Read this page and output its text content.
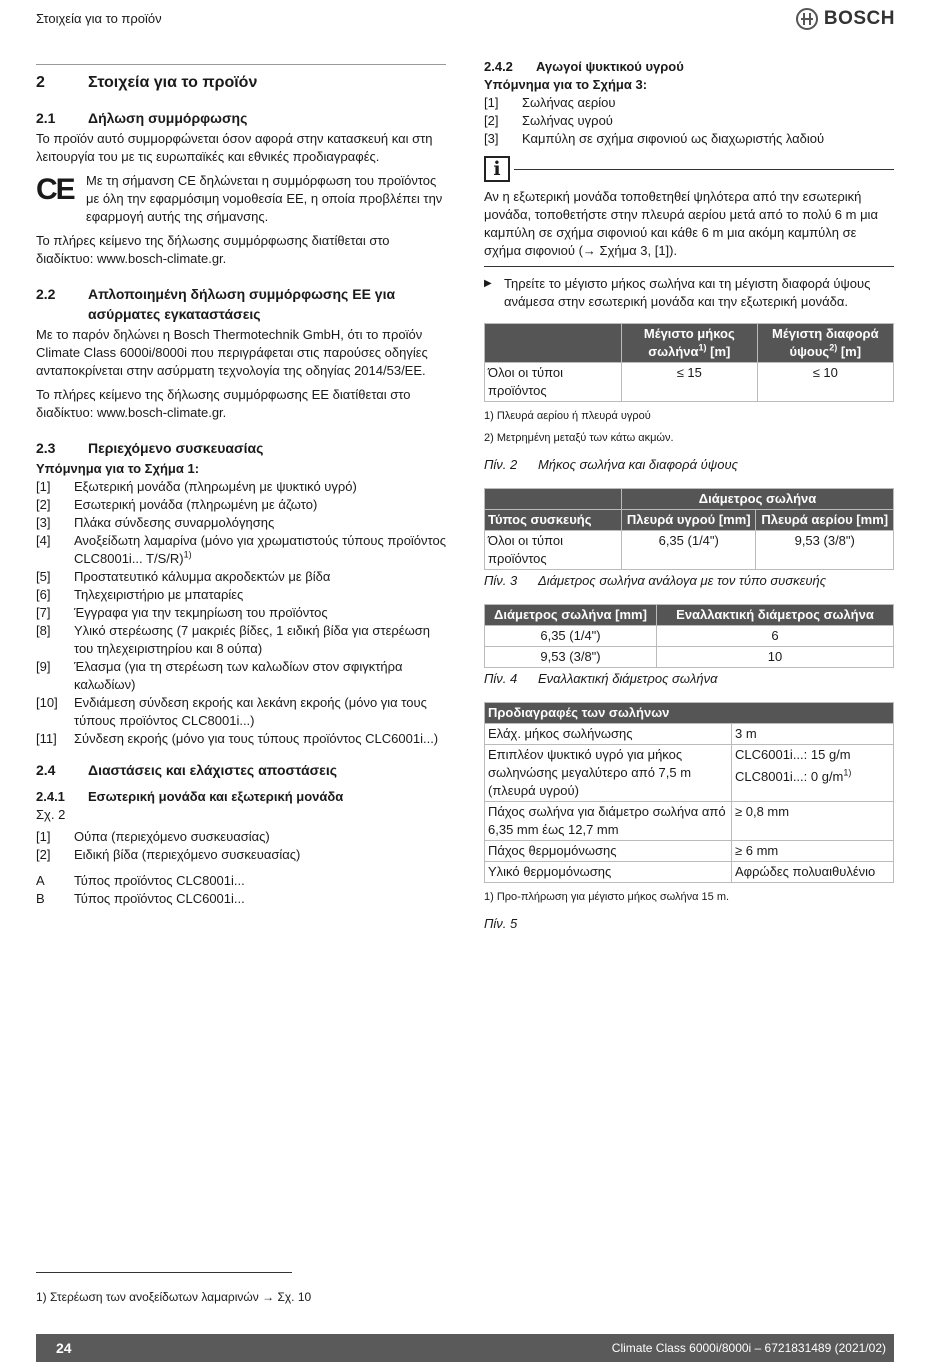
Στοιχεία για το προϊόν	BOSCH
2	Στοιχεία για το προϊόν
2.1 Δήλωση συμμόρφωσης

Το προϊόν αυτό συμμορφώνεται όσον αφορά στην κατασκευή και στη λειτουργία του με τις ευρωπαϊκές και εθνικές προδιαγραφές.

CE Με τη σήμανση CE δηλώνεται η συμμόρφωση του προϊόντος με όλη την εφαρμόσιμη νομοθεσία ΕΕ, η οποία προβλέπει την εφαρμογή αυτής της σήμανσης.

Το πλήρες κείμενο της δήλωσης συμμόρφωσης διατίθεται στο διαδίκτυο: www.bosch-climate.gr.

2.2	Απλοποιημένη δήλωση συμμόρφωσης ΕΕ για
ασύρματες εγκαταστάσεις

Με το παρόν δηλώνει η Bosch Thermotechnik GmbH, ότι το προϊόν Climate Class 6000i/8000i που περιγράφεται στις παρούσες οδηγίες ανταποκρίνεται στην ασύρματη τεχνολογία της οδηγίας 2014/53/ΕΕ.

Το πλήρες κείμενο της δήλωσης συμμόρφωσης ΕΕ διατίθεται στο διαδίκτυο: www.bosch-climate.gr.

2.3 Περιεχόμενο συσκευασίας
Υπόμνημα για το Σχήμα 1:
[1]	Εξωτερική μονάδα (πληρωμένη με ψυκτικό υγρό)
[2]	Εσωτερική μονάδα (πληρωμένη με άζωτο)
[3]	Πλάκα σύνδεσης συναρμολόγησης
[4]	Ανοξείδωτη λαμαρίνα (μόνο για χρωματιστούς τύπους προϊόντος CLC8001i... T/S/R)$^{1)}$
[5]	Προστατευτικό κάλυμμα ακροδεκτών με βίδα
[6]	Τηλεχειριστήριο με μπαταρίες
[7]	Έγγραφα για την τεκμηρίωση του προϊόντος
[8]	Υλικό στερέωσης (7 μακριές βίδες, 1 ειδική βίδα για στερέωση του τηλεχειριστηρίου και 8 ούπα)
[9]	Έλασμα (για τη στερέωση των καλωδίων στον σφιγκτήρα καλωδίων)
[10]	Ενδιάμεση σύνδεση εκροής και λεκάνη εκροής (μόνο για τους τύπους προϊόντος CLC8001i...)
[11]	Σύνδεση εκροής (μόνο για τους τύπους προϊόντος CLC6001i...)
2.4 Διαστάσεις και ελάχιστες αποστάσεις
2.4.1 Εσωτερική μονάδα και εξωτερική μονάδα

Σχ. 2

[1]	Ούπα (περιεχόμενο συσκευασίας)
[2]	Ειδική βίδα (περιεχόμενο συσκευασίας)
A	Τύπος προϊόντος CLC8001i...
B	Τύπος προϊόντος CLC6001i...
1) Στερέωση των ανοξείδωτων λαμαρινών → Σχ. 10
2.4.2 Αγωγοί ψυκτικού υγρού
Υπόμνημα για το Σχήμα 3:
[1]	Σωλήνας αερίου
[2]	Σωλήνας υγρού
[3]	Καμπύλη σε σχήμα σιφονιού ως διαχωριστής λαδιού
i
Αν η εξωτερική μονάδα τοποθετηθεί ψηλότερα από την εσωτερική μονάδα, τοποθετήστε στην πλευρά αερίου μετά από το πολύ 6 m μια καμπύλη σε σχήμα σιφονιού και κάθε 6 m μια ακόμη καμπύλη σε σχήμα σιφονιού (→ Σχήμα 3, [1]).
▶ Τηρείτε το μέγιστο μήκος σωλήνα και τη μέγιστη διαφορά ύψους ανάμεσα στην εσωτερική μονάδα και την εξωτερική μονάδα.
	Μέγιστο μήκος σωλήνα$^{1)}$ [m]	Μέγιστη διαφορά ύψους$^{2)}$ [m]
Όλοι οι τύποι προϊόντος	≤ 15	≤ 10
1) Πλευρά αερίου ή πλευρά υγρού
2) Μετρημένη μεταξύ των κάτω ακμών.
Πίν. 2 Μήκος σωλήνα και διαφορά ύψους
	Διάμετρος σωλήνα	
Τύπος συσκευής	Πλευρά υγρού [mm]	Πλευρά αερίου [mm]
Όλοι οι τύποι προϊόντος	6,35 (1/4")	9,53 (3/8")
Πίν. 3 Διάμετρος σωλήνα ανάλογα με τον τύπο συσκευής
Διάμετρος σωλήνα [mm]	Εναλλακτική διάμετρος σωλήνα
6,35 (1/4")	6
9,53 (3/8")	10
Πίν. 4 Εναλλακτική διάμετρος σωλήνα
Προδιαγραφές των σωλήνων	
Ελάχ. μήκος σωλήνωσης	3 m
Επιπλέον ψυκτικό υγρό για μήκος σωληνώσης μεγαλύτερο από 7,5 m (πλευρά υγρού)	CLC6001i...: 15 g/m
CLC8001i...: 0 $g/m^{1)}$

Πάχος σωλήνα για διάμετρο σωλήνα από 6,35 mm έως 12,7 mm	≥ 0,8 mm
Πάχος θερμομόνωσης	≥ 6 mm
Υλικό θερμομόνωσης	Αφρώδες πολυαιθυλένιο
1) Προ-πλήρωση για μέγιστο μήκος σωλήνα 15 m.
Πίν. 5
24	Climate Class 6000i/8000i – 6721831489 (2021/02)
